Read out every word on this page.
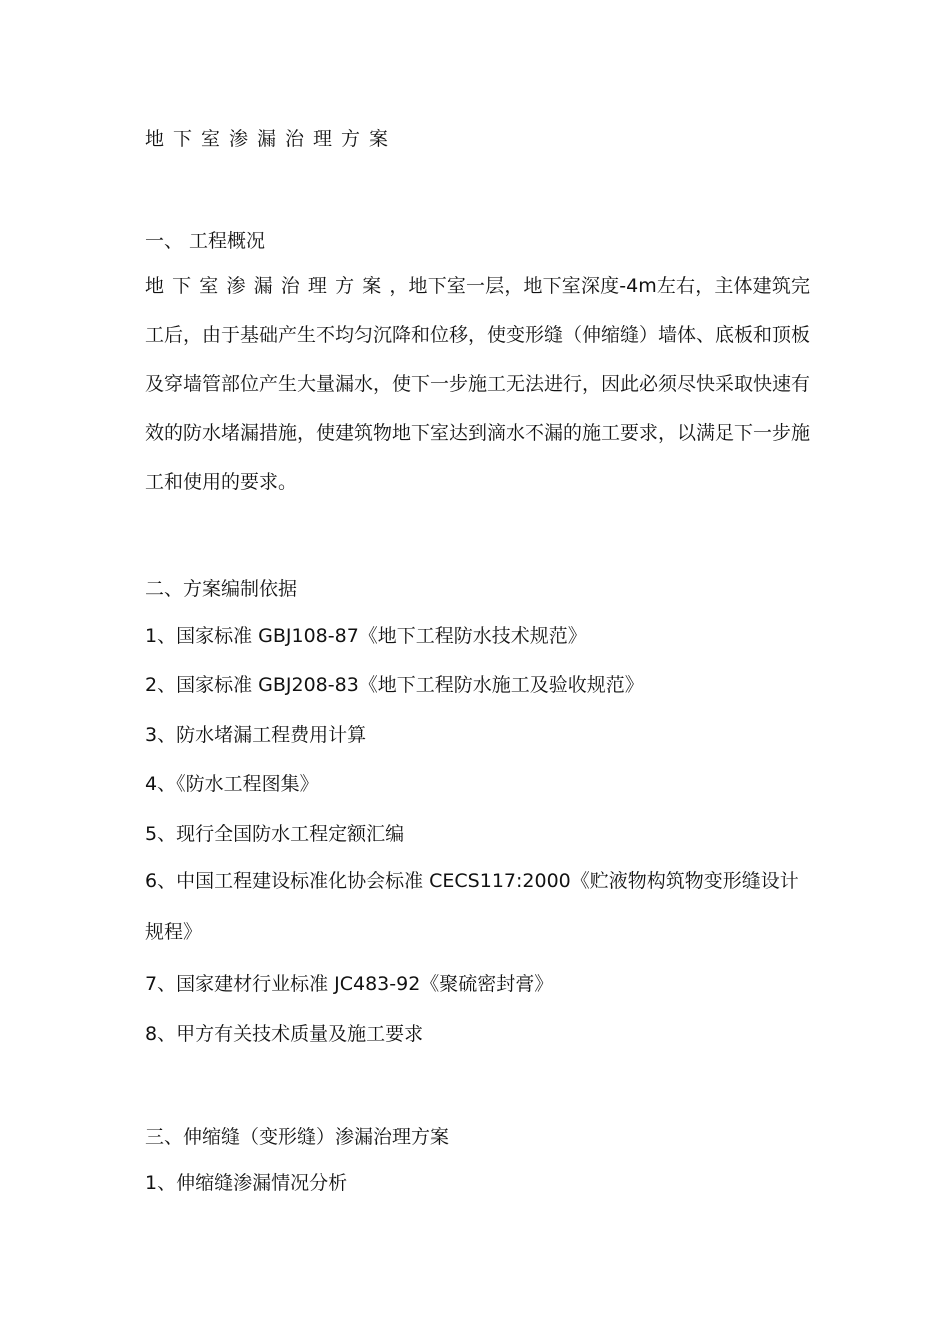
地下室渗漏治理方案
一、 工程概况
地下室渗漏治理方案，地下室一层，地下室深度-4m左右，主体建筑完工后，由于基础产生不均匀沉降和位移，使变形缝（伸缩缝）墙体、底板和顶板及穿墙管部位产生大量漏水，使下一步施工无法进行，因此必须尽快采取快速有效的防水堵漏措施，使建筑物地下室达到滴水不漏的施工要求，以满足下一步施工和使用的要求。
二、方案编制依据
1、国家标准 GBJ108-87《地下工程防水技术规范》
2、国家标准 GBJ208-83《地下工程防水施工及验收规范》
3、防水堵漏工程费用计算
4、《防水工程图集》
5、现行全国防水工程定额汇编
6、中国工程建设标准化协会标准 CECS117:2000《贮液物构筑物变形缝设计规程》
7、国家建材行业标准 JC483-92《聚硫密封膏》
8、甲方有关技术质量及施工要求
三、伸缩缝（变形缝）渗漏治理方案
1、伸缩缝渗漏情况分析
